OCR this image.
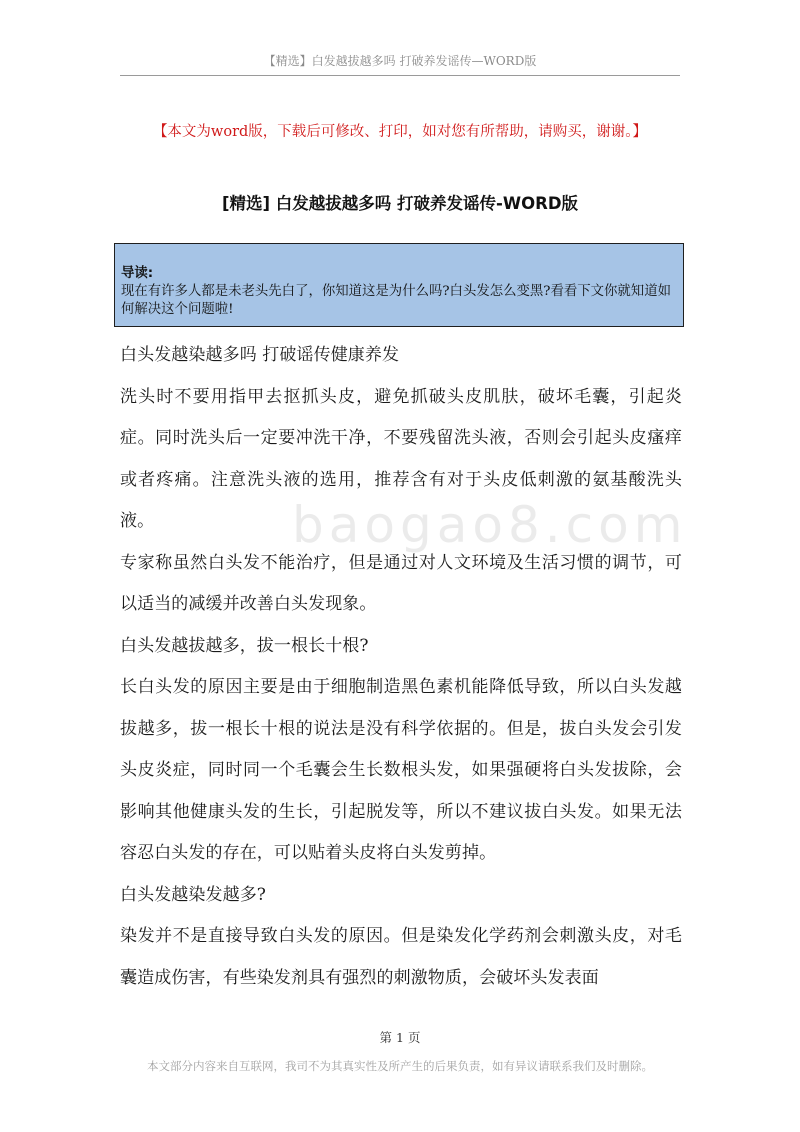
【精选】白发越拔越多吗 打破养发谣传—WORD版
【本文为word版，下载后可修改、打印，如对您有所帮助，请购买，谢谢。】
[精选] 白发越拔越多吗 打破养发谣传-WORD版
导读:
现在有许多人都是未老头先白了，你知道这是为什么吗?白头发怎么变黑?看看下文你就知道如何解决这个问题啦!
baogao8.com

白头发越染越多吗 打破谣传健康养发

洗头时不要用指甲去抠抓头皮，避免抓破头皮肌肤，破坏毛囊，引起炎症。同时洗头后一定要冲洗干净，不要残留洗头液，否则会引起头皮瘙痒或者疼痛。注意洗头液的选用，推荐含有对于头皮低刺激的氨基酸洗头液。

专家称虽然白头发不能治疗，但是通过对人文环境及生活习惯的调节，可以适当的减缓并改善白头发现象。

白头发越拔越多，拔一根长十根?

长白头发的原因主要是由于细胞制造黑色素机能降低导致，所以白头发越拔越多，拔一根长十根的说法是没有科学依据的。但是，拔白头发会引发头皮炎症，同时同一个毛囊会生长数根头发，如果强硬将白头发拔除，会影响其他健康头发的生长，引起脱发等，所以不建议拔白头发。如果无法容忍白头发的存在，可以贴着头皮将白头发剪掉。

白头发越染发越多?

染发并不是直接导致白头发的原因。但是染发化学药剂会刺激头皮，对毛囊造成伤害，有些染发剂具有强烈的刺激物质，会破坏头发表面

第 1 页
本文部分内容来自互联网，我司不为其真实性及所产生的后果负责，如有异议请联系我们及时删除。
